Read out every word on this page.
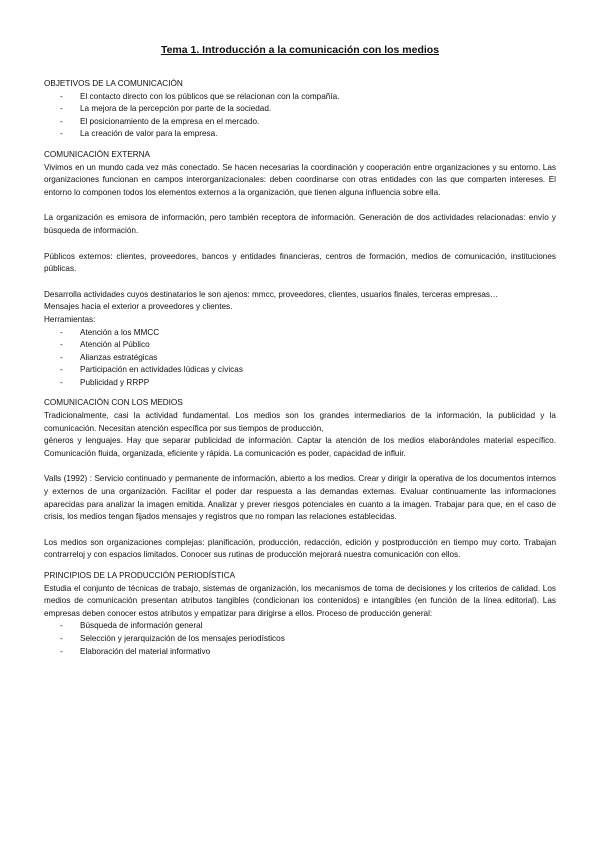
Tema 1. Introducción a la comunicación con los medios
OBJETIVOS DE LA COMUNICACIÓN
- El contacto directo con los públicos que se relacionan con la compañía.
- La mejora de la percepción por parte de la sociedad.
- El posicionamiento de la empresa en el mercado.
- La creación de valor para la empresa.
COMUNICACIÓN EXTERNA
Vivimos en un mundo cada vez más conectado. Se hacen necesarias la coordinación y cooperación entre organizaciones y su entorno. Las organizaciones funcionan en campos interorganizacionales: deben coordinarse con otras entidades con las que comparten intereses. El entorno lo componen todos los elementos externos a la organización, que tienen alguna influencia sobre ella.
La organización es emisora de información, pero también receptora de información. Generación de dos actividades relacionadas: envío y búsqueda de información.
Públicos externos: clientes, proveedores, bancos y entidades financieras, centros de formación, medios de comunicación, instituciones públicas.
Desarrolla actividades cuyos destinatarios le son ajenos: mmcc, proveedores, clientes, usuarios finales, terceras empresas…
Mensajes hacia el exterior a proveedores y clientes.
Herramientas:
- Atención a los MMCC
- Atención al Público
- Alianzas estratégicas
- Participación en actividades lúdicas y cívicas
- Publicidad y RRPP
COMUNICACIÓN CON LOS MEDIOS
Tradicionalmente, casi la actividad fundamental. Los medios son los grandes intermediarios de la información, la publicidad y la comunicación. Necesitan atención específica por sus tiempos de producción,
géneros y lenguajes. Hay que separar publicidad de información. Captar la atención de los medios elaborándoles material específico. Comunicación fluida, organizada, eficiente y rápida. La comunicación es poder, capacidad de influir.
Valls (1992) : Servicio continuado y permanente de información, abierto a los medios. Crear y dirigir la operativa de los documentos internos y externos de una organización. Facilitar el poder dar respuesta a las demandas externas. Evaluar continuamente las informaciones aparecidas para analizar la imagen emitida. Analizar y prever riesgos potenciales en cuanto a la imagen. Trabajar para que, en el caso de crisis, los medios tengan fijados mensajes y registros que no rompan las relaciones establecidas.
Los medios son organizaciones complejas: planificación, producción, redacción, edición y postproducción en tiempo muy corto. Trabajan contrarreloj y con espacios limitados. Conocer sus rutinas de producción mejorará nuestra comunicación con ellos.
PRINCIPIOS DE LA PRODUCCIÓN PERIODÍSTICA
Estudia el conjunto de técnicas de trabajo, sistemas de organización, los mecanismos de toma de decisiones y los criterios de calidad. Los medios de comunicación presentan atributos tangibles (condicionan los contenidos) e intangibles (en función de la línea editorial). Las empresas deben conocer estos atributos y empatizar para dirigirse a ellos. Proceso de producción general:
- Búsqueda de información general
- Selección y jerarquización de los mensajes periodísticos
- Elaboración del material informativo
